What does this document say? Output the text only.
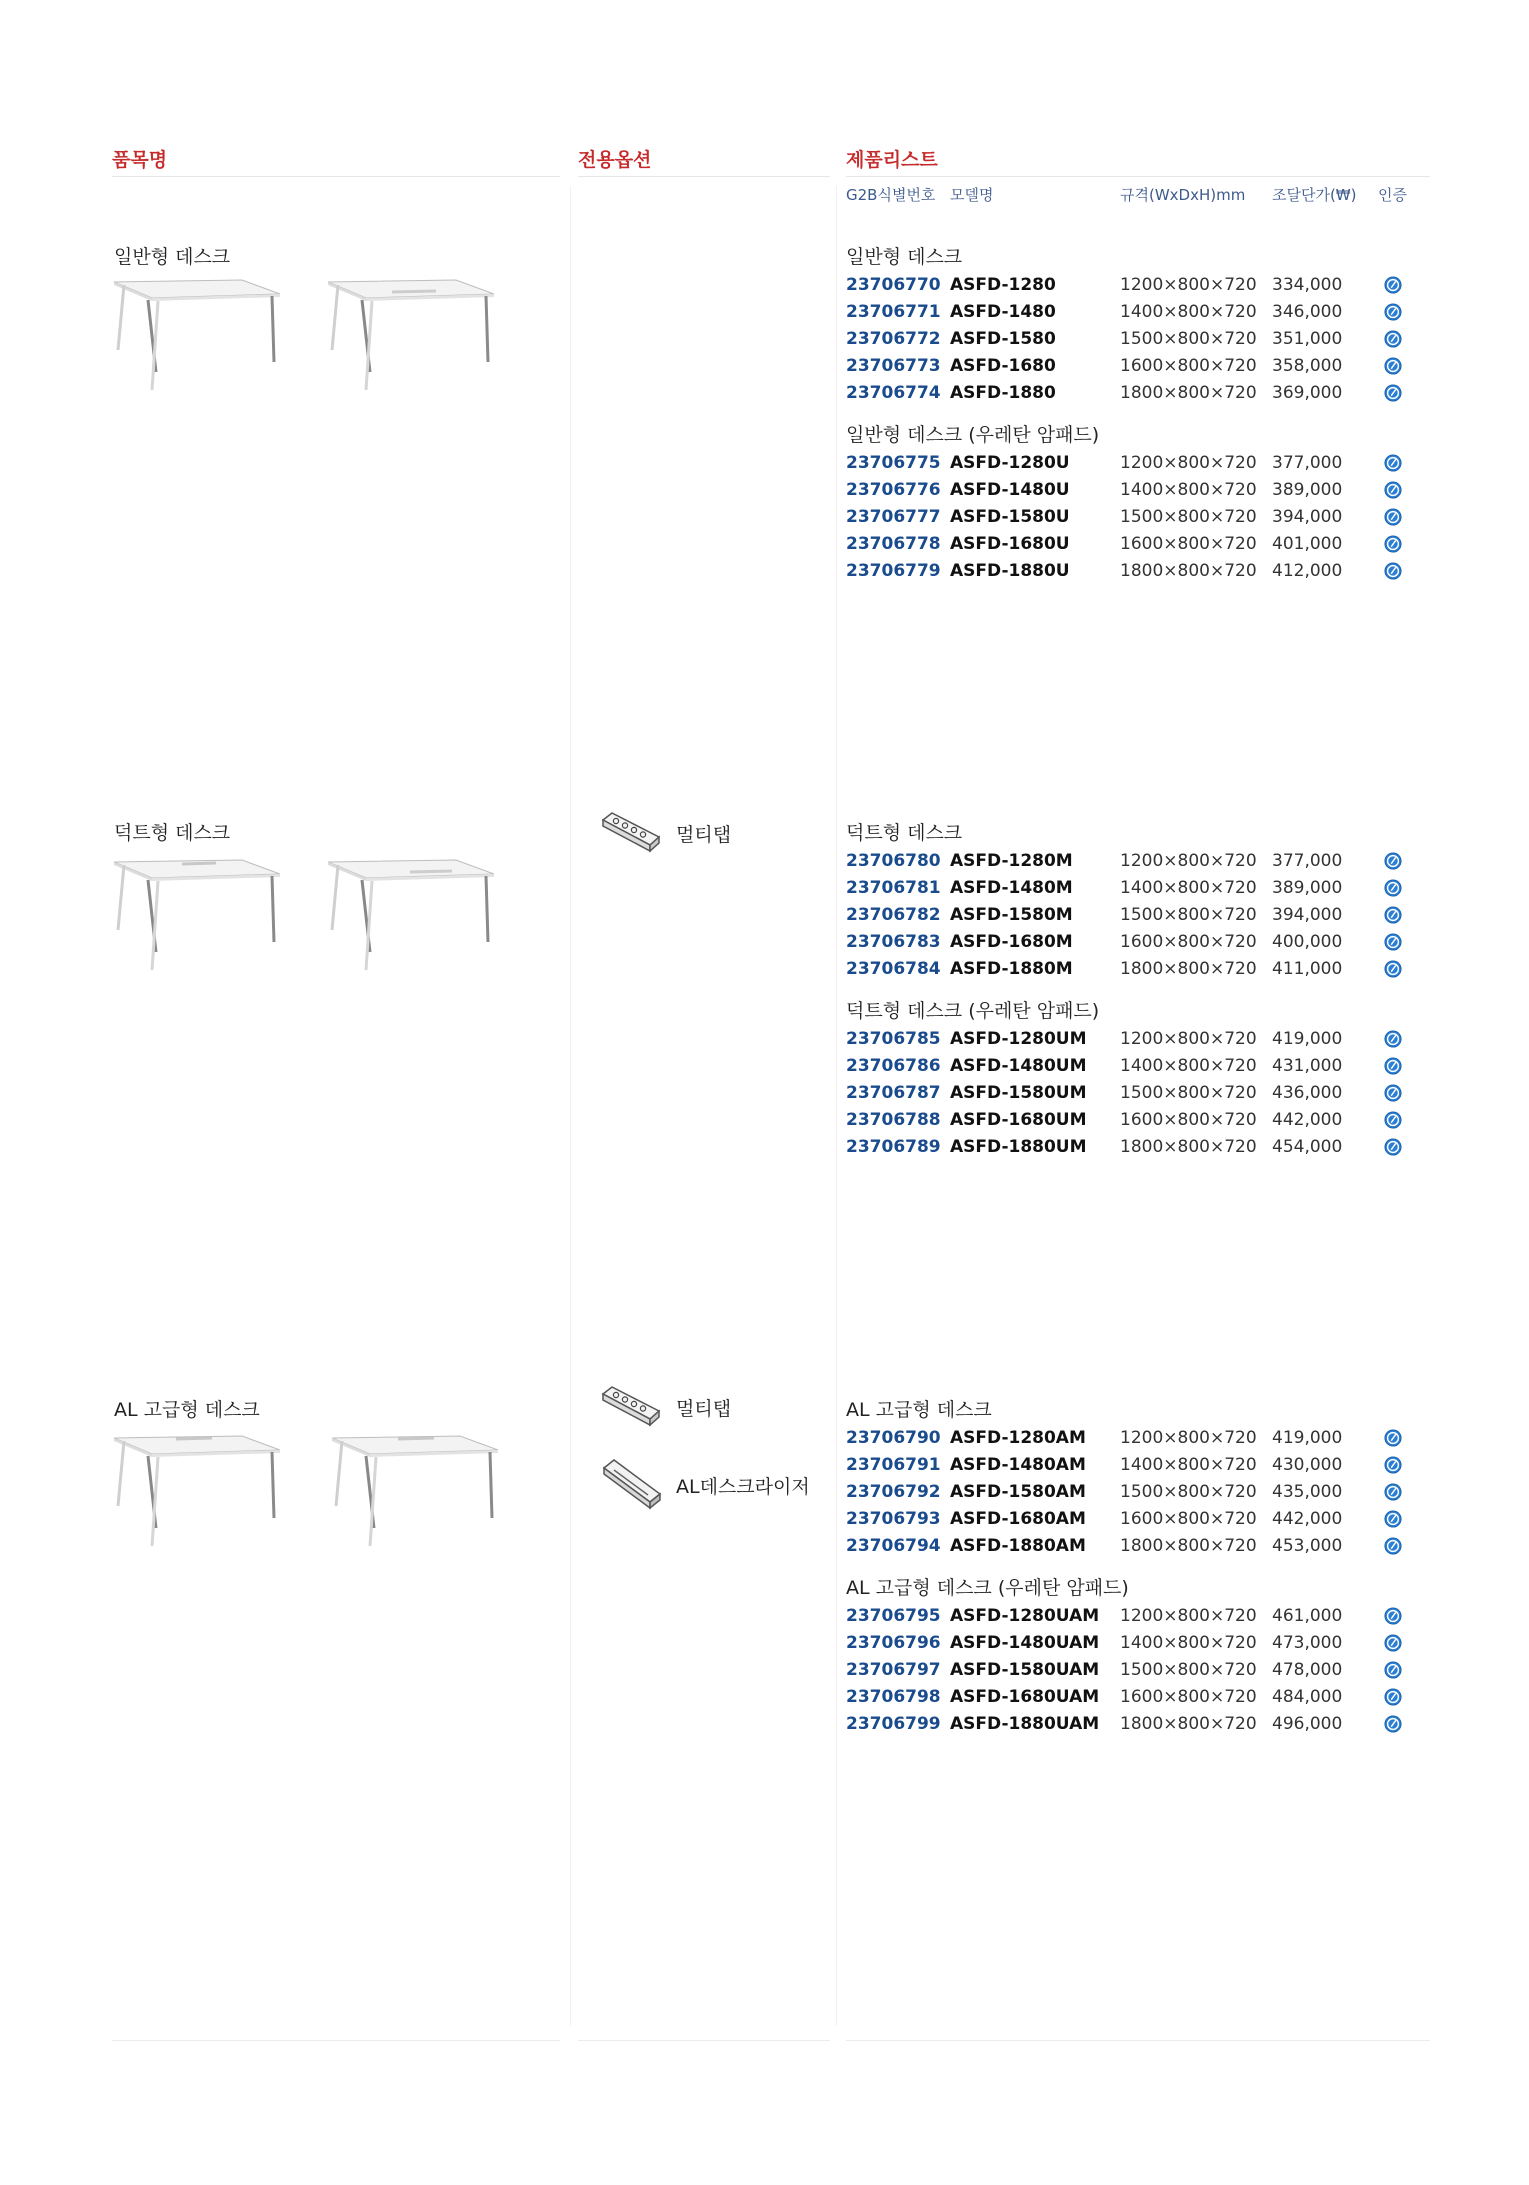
품목명	전용옵션	제품리스트
G2B식별번호 모델명	규격(WxDxH)mm 조달단가(₩) 인증
일반형 데스크
덕트형 데스크
AL 고급형 데스크
멀티탭
멀티탭
AL데스크라이저
일반형 데스크
23706770 ASFD-1280	1200×800×720 334,000
23706771 ASFD-1480	1400×800×720 346,000
23706772 ASFD-1580	1500×800×720 351,000
23706773 ASFD-1680	1600×800×720 358,000
23706774 ASFD-1880	1800×800×720 369,000
일반형 데스크 (우레탄 암패드)
23706775 ASFD-1280U	1200×800×720 377,000
23706776 ASFD-1480U	1400×800×720 389,000
23706777 ASFD-1580U	1500×800×720 394,000
23706778 ASFD-1680U	1600×800×720 401,000
23706779 ASFD-1880U	1800×800×720 412,000
덕트형 데스크
23706780 ASFD-1280M	1200×800×720 377,000
23706781 ASFD-1480M	1400×800×720 389,000
23706782 ASFD-1580M	1500×800×720 394,000
23706783 ASFD-1680M	1600×800×720 400,000
23706784 ASFD-1880M	1800×800×720 411,000
덕트형 데스크 (우레탄 암패드)
23706785 ASFD-1280UM 1200×800×720 419,000
23706786 ASFD-1480UM 1400×800×720 431,000
23706787 ASFD-1580UM 1500×800×720 436,000
23706788 ASFD-1680UM 1600×800×720 442,000
23706789 ASFD-1880UM 1800×800×720 454,000
AL 고급형 데스크
23706790 ASFD-1280AM 1200×800×720 419,000
23706791 ASFD-1480AM 1400×800×720 430,000
23706792 ASFD-1580AM 1500×800×720 435,000
23706793 ASFD-1680AM 1600×800×720 442,000
23706794 ASFD-1880AM 1800×800×720 453,000
AL 고급형 데스크 (우레탄 암패드)
23706795 ASFD-1280UAM 1200×800×720 461,000
23706796 ASFD-1480UAM 1400×800×720 473,000
23706797 ASFD-1580UAM 1500×800×720 478,000
23706798 ASFD-1680UAM 1600×800×720 484,000
23706799 ASFD-1880UAM 1800×800×720 496,000
